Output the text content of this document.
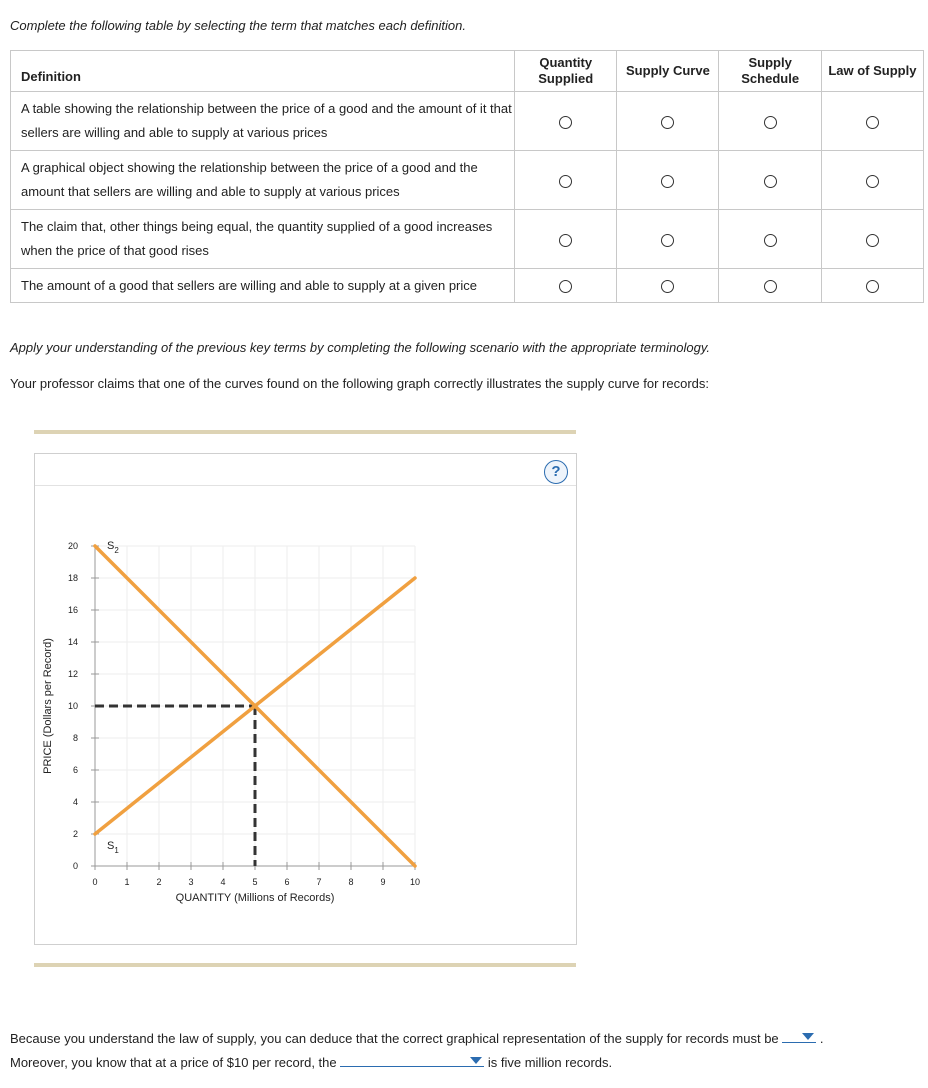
Complete the following table by selecting the term that matches each definition.
Definition	Quantity Supplied	Supply Curve	Supply Schedule	Law of Supply
A table showing the relationship between the price of a good and the amount of it that sellers are willing and able to supply at various prices				
A graphical object showing the relationship between the price of a good and the amount that sellers are willing and able to supply at various prices				
The claim that, other things being equal, the quantity supplied of a good increases when the price of that good rises				
The amount of a good that sellers are willing and able to supply at a given price				
Apply your understanding of the previous key terms by completing the following scenario with the appropriate terminology.
Your professor claims that one of the curves found on the following graph correctly illustrates the supply curve for records:
?
0	1	2	3	4	5	6	7	8	9	10
0
2
4
6
8
10
12
14
16
18
20
$S_1$
$S_2$
QUANTITY (Millions of Records)
PRICE (Dollars per Record)
Because you understand the law of supply, you can deduce that the correct graphical representation of the supply for records must be	.
Moreover, you know that at a price of $10 per record, the	is five million records.
